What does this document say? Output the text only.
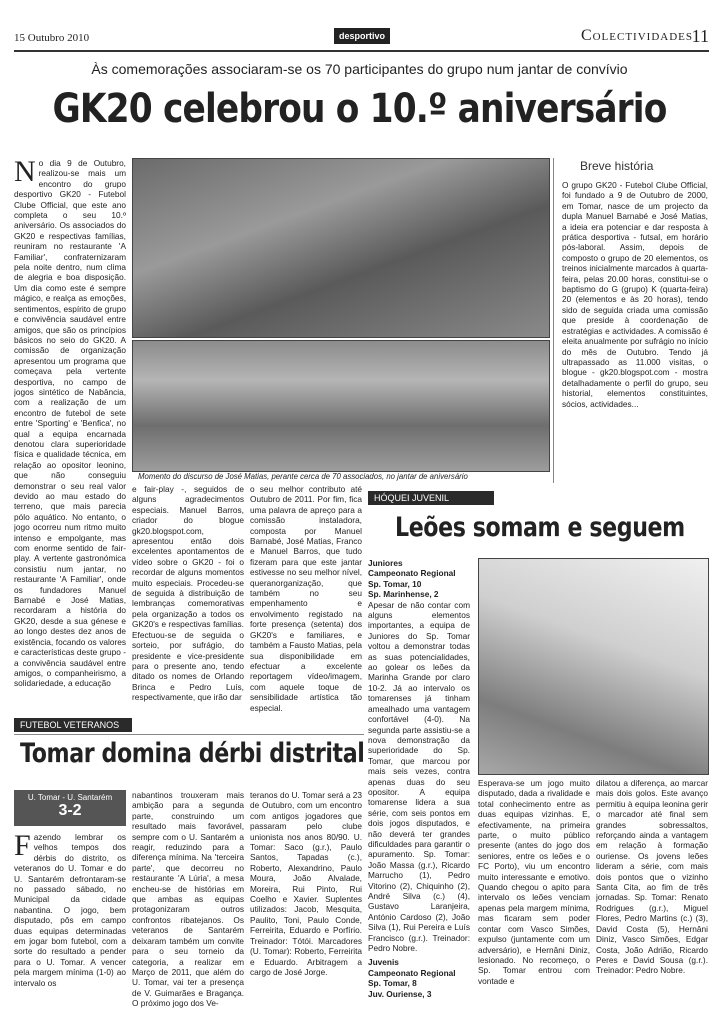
15 Outubro 2010	desportivo	Colectividades
11
Às comemorações associaram-se os 70 participantes do grupo num jantar de convívio
GK20 celebrou o 10.º aniversário
No dia 9 de Outubro, realizou-se mais um encontro do grupo desportivo GK20 - Futebol Clube Official, que este ano completa o seu 10.º aniversário. Os associados do GK20 e respectivas famílias, reuniram no restaurante 'A Familiar', confraternizaram pela noite dentro, num clima de alegria e boa disposição. Um dia como este é sempre mágico, e realça as emoções, sentimentos, espírito de grupo e convivência saudável entre amigos, que são os princípios básicos no seio do GK20. A comissão de organização apresentou um programa que começava pela vertente desportiva, no campo de jogos sintético de Nabância, com a realização de um encontro de futebol de sete entre 'Sporting' e 'Benfica', no qual a equipa encarnada denotou clara superioridade física e qualidade técnica, em relação ao opositor leonino, que não conseguiu demonstrar o seu real valor devido ao mau estado do terreno, que mais parecia pólo aquático. No entanto, o jogo ocorreu num ritmo muito intenso e empolgante, mas com enorme sentido de fair-play. A vertente gastronómica consistiu num jantar, no restaurante 'A Familiar', onde os fundadores Manuel Barnabé e José Matias, recordaram a história do GK20, desde a sua génese e ao longo destes dez anos de existência, focando os valores e características deste grupo - a convivência saudável entre amigos, o companheirismo, a solidariedade, a educação
Momento do discurso de José Matias, perante cerca de 70 associados, no jantar de aniversário
Breve história
O grupo GK20 - Futebol Clube Official, foi fundado a 9 de Outubro de 2000, em Tomar, nasce de um projecto da dupla Manuel Barnabé e José Matias, a ideia era potenciar e dar resposta à prática desportiva - futsal, em horário pós-laboral. Assim, depois de composto o grupo de 20 elementos, os treinos inicialmente marcados à quarta-feira, pelas 20.00 horas, constitui-se o baptismo do G (grupo) K (quarta-feira) 20 (elementos e às 20 horas), tendo sido de seguida criada uma comissão que preside à coordenação de estratégias e actividades. A comissão é eleita anualmente por sufrágio no início do mês de Outubro. Tendo já ultrapassado as 11.000 visitas, o blogue - gk20.blogspot.com - mostra detalhadamente o perfil do grupo, seu historial, elementos constituintes, sócios, actividades...
e fair-play -, seguidos de alguns agradecimentos especiais. Manuel Barros, criador do blogue gk20.blogspot.com, apresentou então dois excelentes apontamentos de vídeo sobre o GK20 - foi o recordar de alguns momentos muito especiais. Procedeu-se de seguida à distribuição de lembranças comemorativas pela organização a todos os GK20's e respectivas famílias. Efectuou-se de seguida o sorteio, por sufrágio, do presidente e vice-presidente para o presente ano, tendo ditado os nomes de Orlando Brinca e Pedro Luís, respectivamente, que irão dar
o seu melhor contributo até Outubro de 2011. Por fim, fica uma palavra de apreço para a comissão instaladora, composta por Manuel Barnabé, José Matias, Franco e Manuel Barros, que tudo fizeram para que este jantar estivesse no seu melhor nível, queranorganização, que também no seu empenhamento e envolvimento registado na forte presença (setenta) dos GK20's e familiares, e também a Fausto Matias, pela sua disponibilidade em efectuar a excelente reportagem vídeo/imagem, com aquele toque de sensibilidade artística tão especial.
HÓQUEI JUVENIL
Leões somam e seguem
Juniores
Campeonato Regional
Sp. Tomar, 10
Sp. Marinhense, 2
Apesar de não contar com alguns elementos importantes, a equipa de Juniores do Sp. Tomar voltou a demonstrar todas as suas potencialidades, ao golear os leões da Marinha Grande por claro 10-2. Já ao intervalo os tomarenses já tinham amealhado uma vantagem confortável (4-0). Na segunda parte assistiu-se a nova demonstração da superioridade do Sp. Tomar, que marcou por mais seis vezes, contra apenas duas do seu opositor. A equipa tomarense lidera a sua série, com seis pontos em dois jogos disputados, e não deverá ter grandes dificuldades para garantir o apuramento. Sp. Tomar: João Massa (g.r.), Ricardo Marrucho (1), Pedro Vitorino (2), Chiquinho (2), André Silva (c.) (4), Gustavo Laranjeira, António Cardoso (2), João Silva (1), Rui Pereira e Luís Francisco (g.r.). Treinador: Pedro Nobre.
Juvenis
Campeonato Regional
Sp. Tomar, 8
Juv. Ouriense, 3
Esperava-se um jogo muito disputado, dada a rivalidade e total conhecimento entre as duas equipas vizinhas. E, efectivamente, na primeira parte, o muito público presente (antes do jogo dos seniores, entre os leões e o FC Porto), viu um encontro muito interessante e emotivo. Quando chegou o apito para intervalo os leões venciam apenas pela margem mínima, mas ficaram sem poder contar com Vasco Simões, expulso (juntamente com um adversário), e Hernâni Diniz, lesionado. No recomeço, o Sp. Tomar entrou com vontade e
dilatou a diferença, ao marcar mais dois golos. Este avanço permitiu à equipa leonina gerir o marcador até final sem grandes sobressaltos, reforçando ainda a vantagem em relação à formação ouriense. Os jovens leões lideram a série, com mais dois pontos que o vizinho Santa Cita, ao fim de três jornadas. Sp. Tomar: Renato Rodrigues (g.r.), Miguel Flores, Pedro Martins (c.) (3), David Costa (5), Hernâni Diniz, Vasco Simões, Edgar Costa, João Adrião, Ricardo Peres e David Sousa (g.r.). Treinador: Pedro Nobre.
FUTEBOL VETERANOS
Tomar domina dérbi distrital
U. Tomar - U. Santarém
3-2
Fazendo lembrar os velhos tempos dos dérbis do distrito, os veteranos do U. Tomar e do U. Santarém defrontaram-se no passado sábado, no Municipal da cidade nabantina. O jogo, bem disputado, pôs em campo duas equipas determinadas em jogar bom futebol, com a sorte do resultado a pender para o U. Tomar. A vencer pela margem mínima (1-0) ao intervalo os
nabantinos trouxeram mais ambição para a segunda parte, construindo um resultado mais favorável, sempre com o U. Santarém a reagir, reduzindo para a diferença mínima. Na 'terceira parte', que decorreu no restaurante 'A Lúria', a mesa encheu-se de histórias em que ambas as equipas protagonizaram outros confrontos ribatejanos. Os veteranos de Santarém deixaram também um convite para o seu torneio da categoria, a realizar em Março de 2011, que além do U. Tomar, vai ter a presença de V. Guimarães e Bragança. O próximo jogo dos Ve-
teranos do U. Tomar será a 23 de Outubro, com um encontro com antigos jogadores que passaram pelo clube unionista nos anos 80/90. U. Tomar: Saco (g.r.), Paulo Santos, Tapadas (c.), Roberto, Alexandrino, Paulo Moura, João Alvalade, Moreira, Rui Pinto, Rui Coelho e Xavier. Suplentes utilizados: Jacob, Mesquita, Paulito, Toni, Paulo Conde, Ferreirita, Eduardo e Porfírio. Treinador: Tótói. Marcadores (U. Tomar): Roberto, Ferreirita e Eduardo. Arbitragem a cargo de José Jorge.
